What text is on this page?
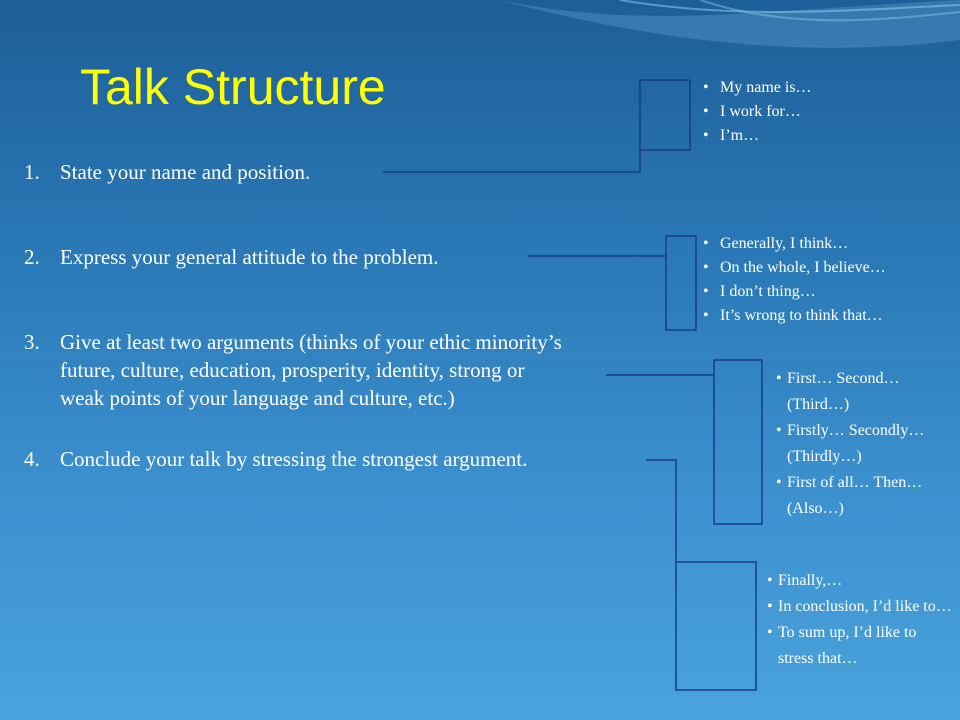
Talk Structure
1. State your name and position.
2. Express your general attitude to the problem.
3. Give at least two arguments (thinks of your ethic minority’s
future, culture, education, prosperity, identity, strong or
weak points of your language and culture, etc.)
4. Conclude your talk by stressing the strongest argument.
• My name is…
• I work for…
• I’m…
• Generally, I think…
• On the whole, I believe…
• I don’t thing…
• It’s wrong to think that…
• First… Second… (Third…)
• Firstly… Secondly… (Thirdly…)
• First of all… Then… (Also…)
• Finally,…
• In conclusion, I’d like to…
• To sum up, I’d like to stress that…
